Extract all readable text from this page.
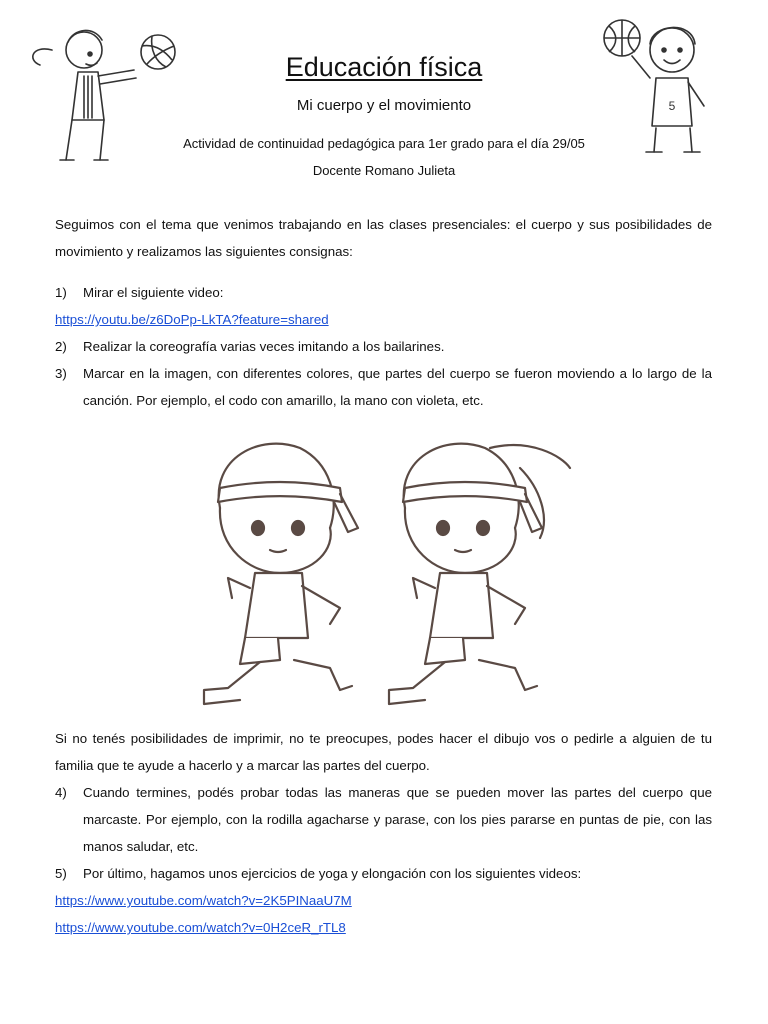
Educación física
Mi cuerpo y el movimiento
Actividad de continuidad pedagógica para 1er grado para el día 29/05
Docente Romano Julieta
5
Seguimos con el tema que venimos trabajando en las clases presenciales: el cuerpo y sus posibilidades de movimiento y realizamos las siguientes consignas:
1)	Mirar el siguiente video:
https://youtu.be/z6DoPp-LkTA?feature=shared
2)	Realizar la coreografía varias veces imitando a los bailarines.
3)	Marcar en la imagen, con diferentes colores, que partes del cuerpo se fueron moviendo a lo largo de la canción. Por ejemplo, el codo con amarillo, la mano con violeta, etc.
Si no tenés posibilidades de imprimir, no te preocupes, podes hacer el dibujo vos o pedirle a alguien de tu familia que te ayude a hacerlo y a marcar las partes del cuerpo.
4)	Cuando termines, podés probar todas las maneras que se pueden mover las partes del cuerpo que marcaste. Por ejemplo, con la rodilla agacharse y parase, con los pies pararse en puntas de pie, con las manos saludar, etc.
5)	Por último, hagamos unos ejercicios de yoga y elongación con los siguientes videos:
https://www.youtube.com/watch?v=2K5PINaaU7M
https://www.youtube.com/watch?v=0H2ceR_rTL8
